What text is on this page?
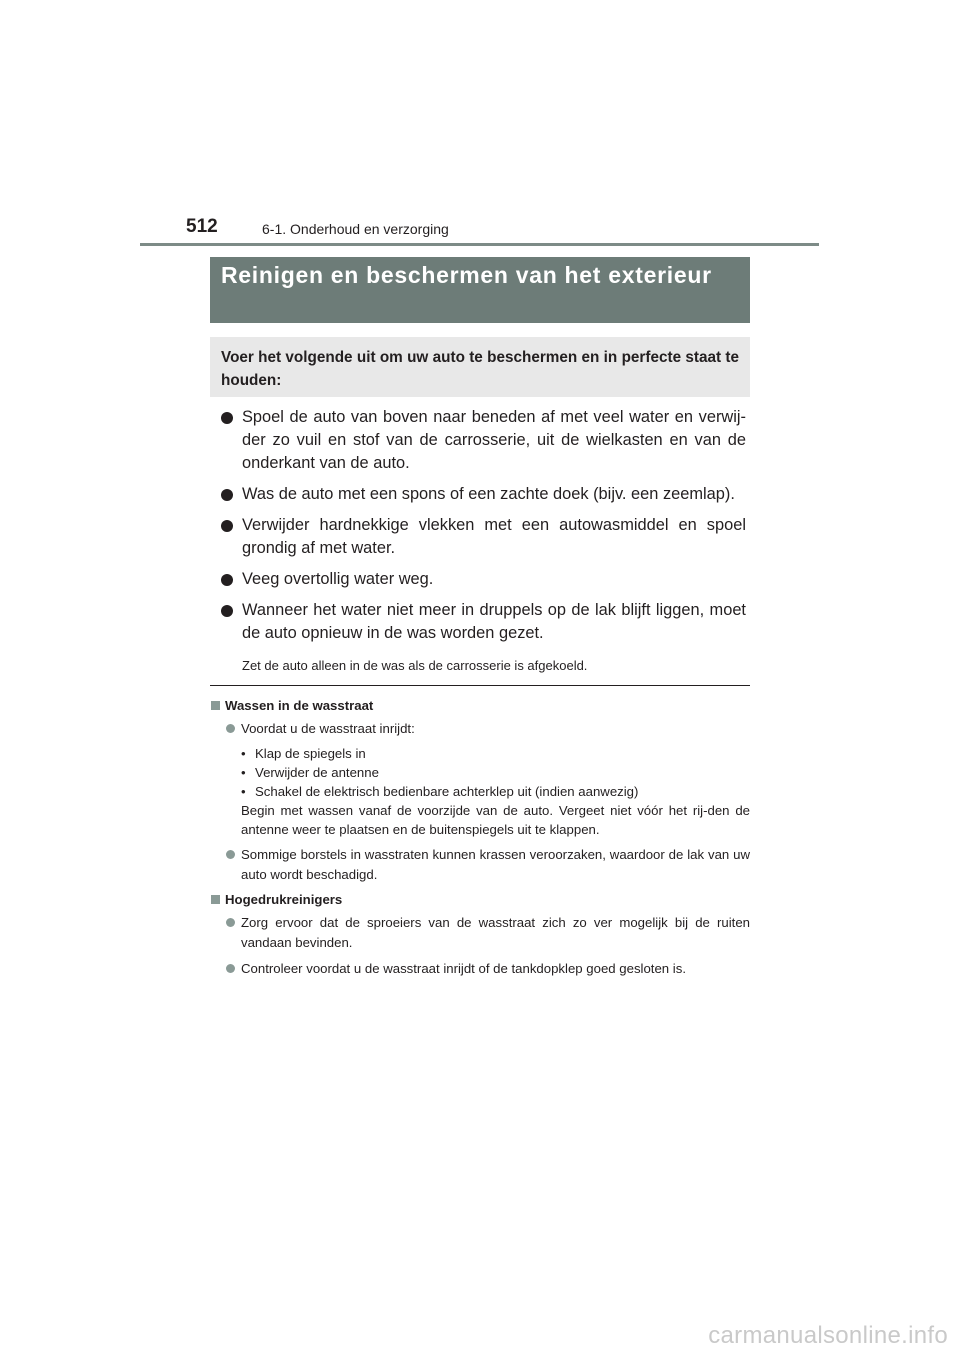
512	6-1. Onderhoud en verzorging
Reinigen en beschermen van het exterieur
Voer het volgende uit om uw auto te beschermen en in perfecte staat te houden:
Spoel de auto van boven naar beneden af met veel water en verwij-der zo vuil en stof van de carrosserie, uit de wielkasten en van de onderkant van de auto.
Was de auto met een spons of een zachte doek (bijv. een zeemlap).
Verwijder hardnekkige vlekken met een autowasmiddel en spoel grondig af met water.
Veeg overtollig water weg.
Wanneer het water niet meer in druppels op de lak blijft liggen, moet de auto opnieuw in de was worden gezet.
Zet de auto alleen in de was als de carrosserie is afgekoeld.
Wassen in de wasstraat
Voordat u de wasstraat inrijdt:
• Klap de spiegels in
• Verwijder de antenne
• Schakel de elektrisch bedienbare achterklep uit (indien aanwezig)
Begin met wassen vanaf de voorzijde van de auto. Vergeet niet vóór het rij-den de antenne weer te plaatsen en de buitenspiegels uit te klappen.
Sommige borstels in wasstraten kunnen krassen veroorzaken, waardoor de lak van uw auto wordt beschadigd.
Hogedrukreinigers
Zorg ervoor dat de sproeiers van de wasstraat zich zo ver mogelijk bij de ruiten vandaan bevinden.
Controleer voordat u de wasstraat inrijdt of de tankdopklep goed gesloten is.
carmanualsonline.info
